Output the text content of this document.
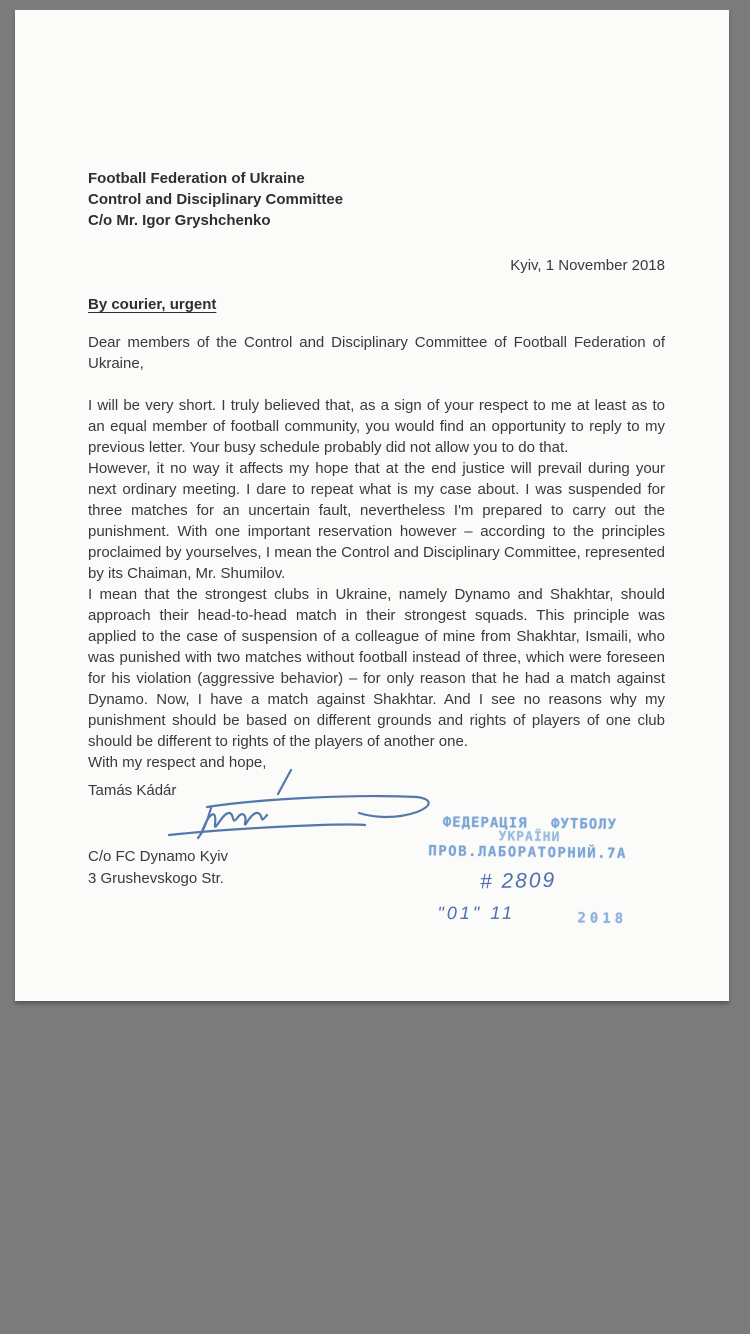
Football Federation of Ukraine
Control and Disciplinary Committee
C/o Mr. Igor Gryshchenko
Kyiv, 1 November 2018
By courier, urgent
Dear members of the Control and Disciplinary Committee of Football Federation of Ukraine,

I will be very short. I truly believed that, as a sign of your respect to me at least as to an equal member of football community, you would find an opportunity to reply to my previous letter. Your busy schedule probably did not allow you to do that.

However, it no way it affects my hope that at the end justice will prevail during your next ordinary meeting. I dare to repeat what is my case about. I was suspended for three matches for an uncertain fault, nevertheless I'm prepared to carry out the punishment. With one important reservation however – according to the principles proclaimed by yourselves, I mean the Control and Disciplinary Committee, represented by its Chaiman, Mr. Shumilov.

I mean that the strongest clubs in Ukraine, namely Dynamo and Shakhtar, should approach their head-to-head match in their strongest squads. This principle was applied to the case of suspension of a colleague of mine from Shakhtar, Ismaili, who was punished with two matches without football instead of three, which were foreseen for his violation (aggressive behavior) – for only reason that he had a match against Dynamo. Now, I have a match against Shakhtar. And I see no reasons why my punishment should be based on different grounds and rights of players of one club should be different to rights of the players of another one.

With my respect and hope,

Tamás Kádár
C/o FC Dynamo Kyiv
3 Grushevskogo Str.
ФЕДЕРАЦІЯ ФУТБОЛУ
УКРАЇНИ
ПРОВ.ЛАБОРАТОРНИЙ.7А
# 2809
"01" 11	2018
